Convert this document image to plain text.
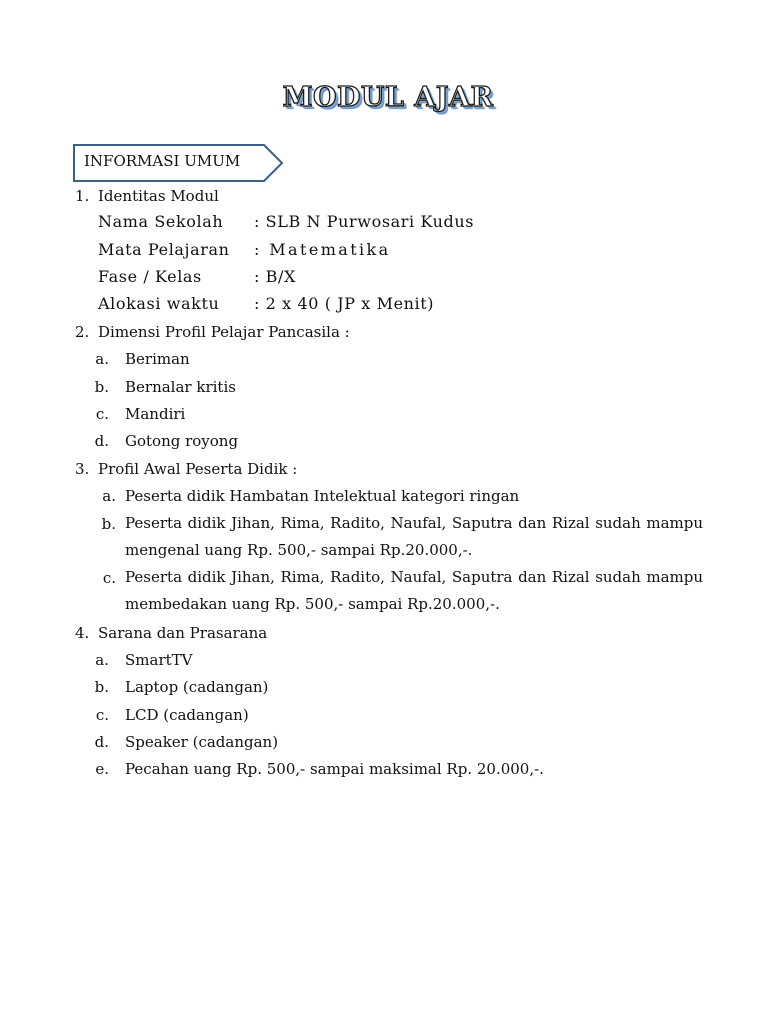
MODUL AJAR
INFORMASI UMUM
1. Identitas Modul
Nama Sekolah : SLB N Purwosari Kudus
Mata Pelajaran : Matematika
Fase / Kelas	: B/X
Alokasi waktu : 2 x 40 ( JP x Menit)
2. Dimensi Profil Pelajar Pancasila :
a. Beriman
b. Bernalar kritis
c. Mandiri
d. Gotong royong
3. Profil Awal Peserta Didik :
a. Peserta didik Hambatan Intelektual kategori ringan
b. Peserta didik Jihan, Rima, Radito, Naufal, Saputra dan Rizal sudah mampu mengenal uang Rp. 500,- sampai Rp.20.000,-.
c. Peserta didik Jihan, Rima, Radito, Naufal, Saputra dan Rizal sudah mampu membedakan uang Rp. 500,- sampai Rp.20.000,-.
4. Sarana dan Prasarana
a. SmartTV
b. Laptop (cadangan)
c. LCD (cadangan)
d. Speaker (cadangan)
e. Pecahan uang Rp. 500,- sampai maksimal Rp. 20.000,-.
